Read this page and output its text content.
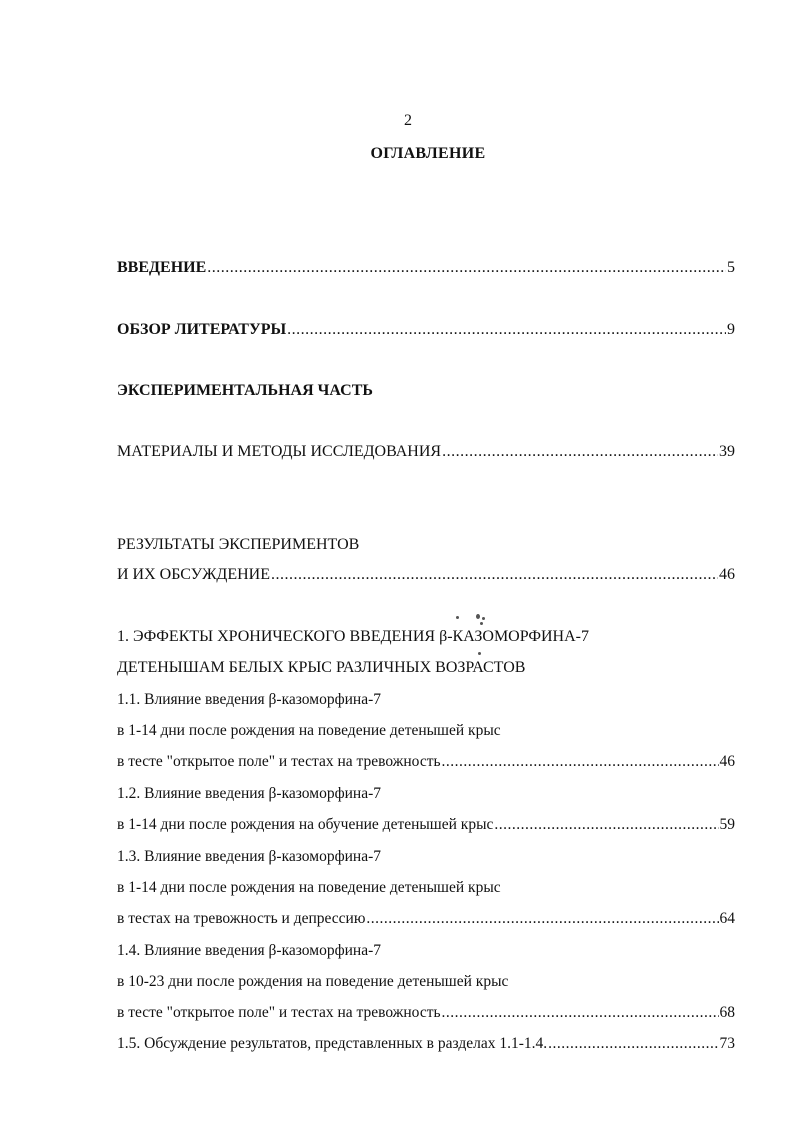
2
ОГЛАВЛЕНИЕ
ВВЕДЕНИЕ .....	5
ОБЗОР ЛИТЕРАТУРЫ .....	9
ЭКСПЕРИМЕНТАЛЬНАЯ ЧАСТЬ
МАТЕРИАЛЫ И МЕТОДЫ ИССЛЕДОВАНИЯ .....	39
РЕЗУЛЬТАТЫ ЭКСПЕРИМЕНТОВ
И ИХ ОБСУЖДЕНИЕ .....	46
1. ЭФФЕКТЫ ХРОНИЧЕСКОГО ВВЕДЕНИЯ β-КАЗОМОРФИНА-7
ДЕТЕНЫШАМ БЕЛЫХ КРЫС РАЗЛИЧНЫХ ВОЗРАСТОВ
1.1. Влияние введения β-казоморфина-7
в 1-14 дни после рождения на поведение детенышей крыс
в тесте "открытое поле" и тестах на тревожность .....	46
1.2. Влияние введения β-казоморфина-7
в 1-14 дни после рождения на обучение детенышей крыс .....	59
1.3. Влияние введения β-казоморфина-7
в 1-14 дни после рождения на поведение детенышей крыс
в тестах на тревожность и депрессию .....	64
1.4. Влияние введения β-казоморфина-7
в 10-23 дни после рождения на поведение детенышей крыс
в тесте "открытое поле" и тестах на тревожность .....	68
1.5. Обсуждение результатов, представленных в разделах 1.1-1.4. .....	73
